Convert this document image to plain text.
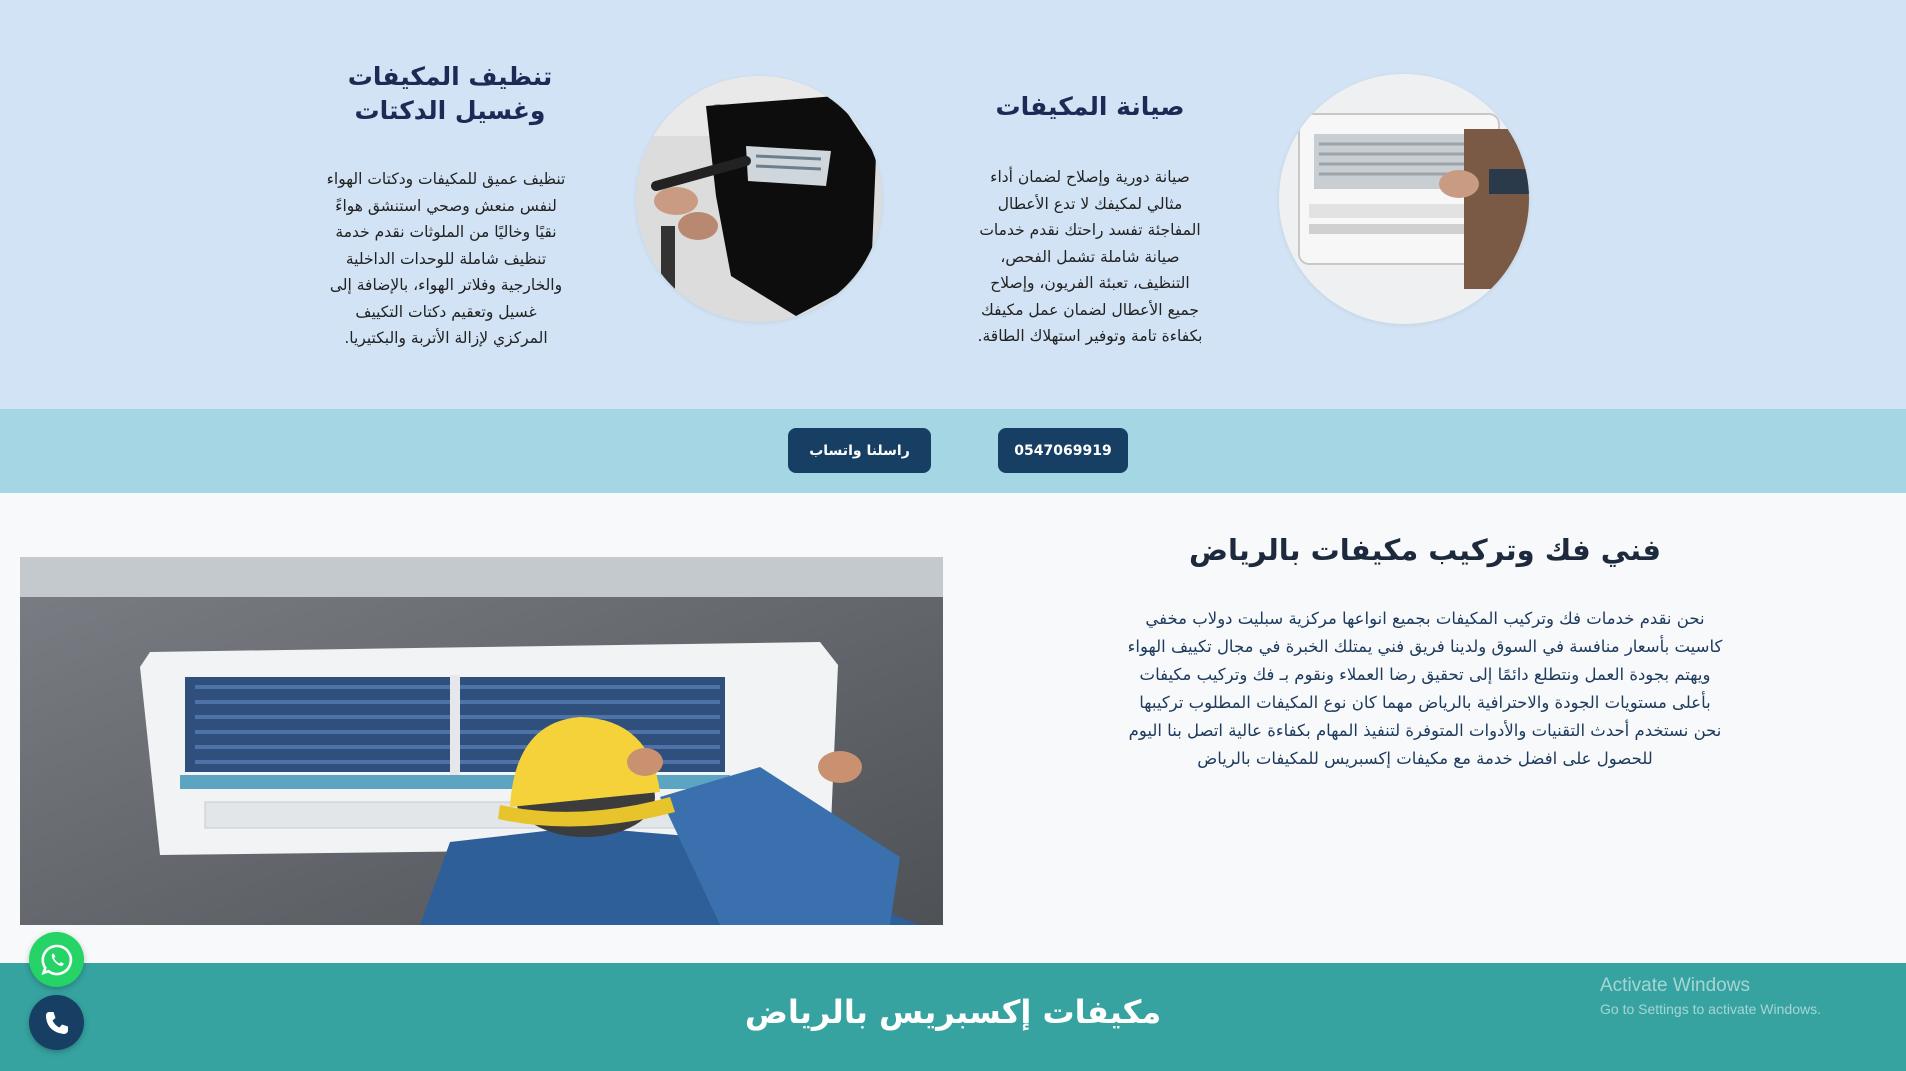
تنظيف المكيفات
وغسيل الدكتات

تنظيف عميق للمكيفات ودكتات الهواء لنفس منعش وصحي استنشق هواءً نقيًا وخاليًا من الملوثات نقدم خدمة تنظيف شاملة للوحدات الداخلية والخارجية وفلاتر الهواء، بالإضافة إلى غسيل وتعقيم دكتات التكييف المركزي لإزالة الأتربة والبكتيريا.

صيانة المكيفات

صيانة دورية وإصلاح لضمان أداء مثالي لمكيفك لا تدع الأعطال المفاجئة تفسد راحتك نقدم خدمات صيانة شاملة تشمل الفحص، التنظيف، تعبئة الفريون، وإصلاح جميع الأعطال لضمان عمل مكيفك بكفاءة تامة وتوفير استهلاك الطاقة.

راسلنا واتساب	0547069919
فني فك وتركيب مكيفات بالرياض
نحن نقدم خدمات فك وتركيب المكيفات بجميع انواعها مركزية سبليت دولاب مخفي
كاسيت بأسعار منافسة في السوق ولدينا فريق فني يمتلك الخبرة في مجال تكييف الهواء
ويهتم بجودة العمل ونتطلع دائمًا إلى تحقيق رضا العملاء ونقوم بـ فك وتركيب مكيفات
بأعلى مستويات الجودة والاحترافية بالرياض مهما كان نوع المكيفات المطلوب تركيبها
نحن نستخدم أحدث التقنيات والأدوات المتوفرة لتنفيذ المهام بكفاءة عالية اتصل بنا اليوم
للحصول على افضل خدمة مع مكيفات إكسبريس للمكيفات بالرياض
مكيفات إكسبريس بالرياض
Activate Windows
Go to Settings to activate Windows.
